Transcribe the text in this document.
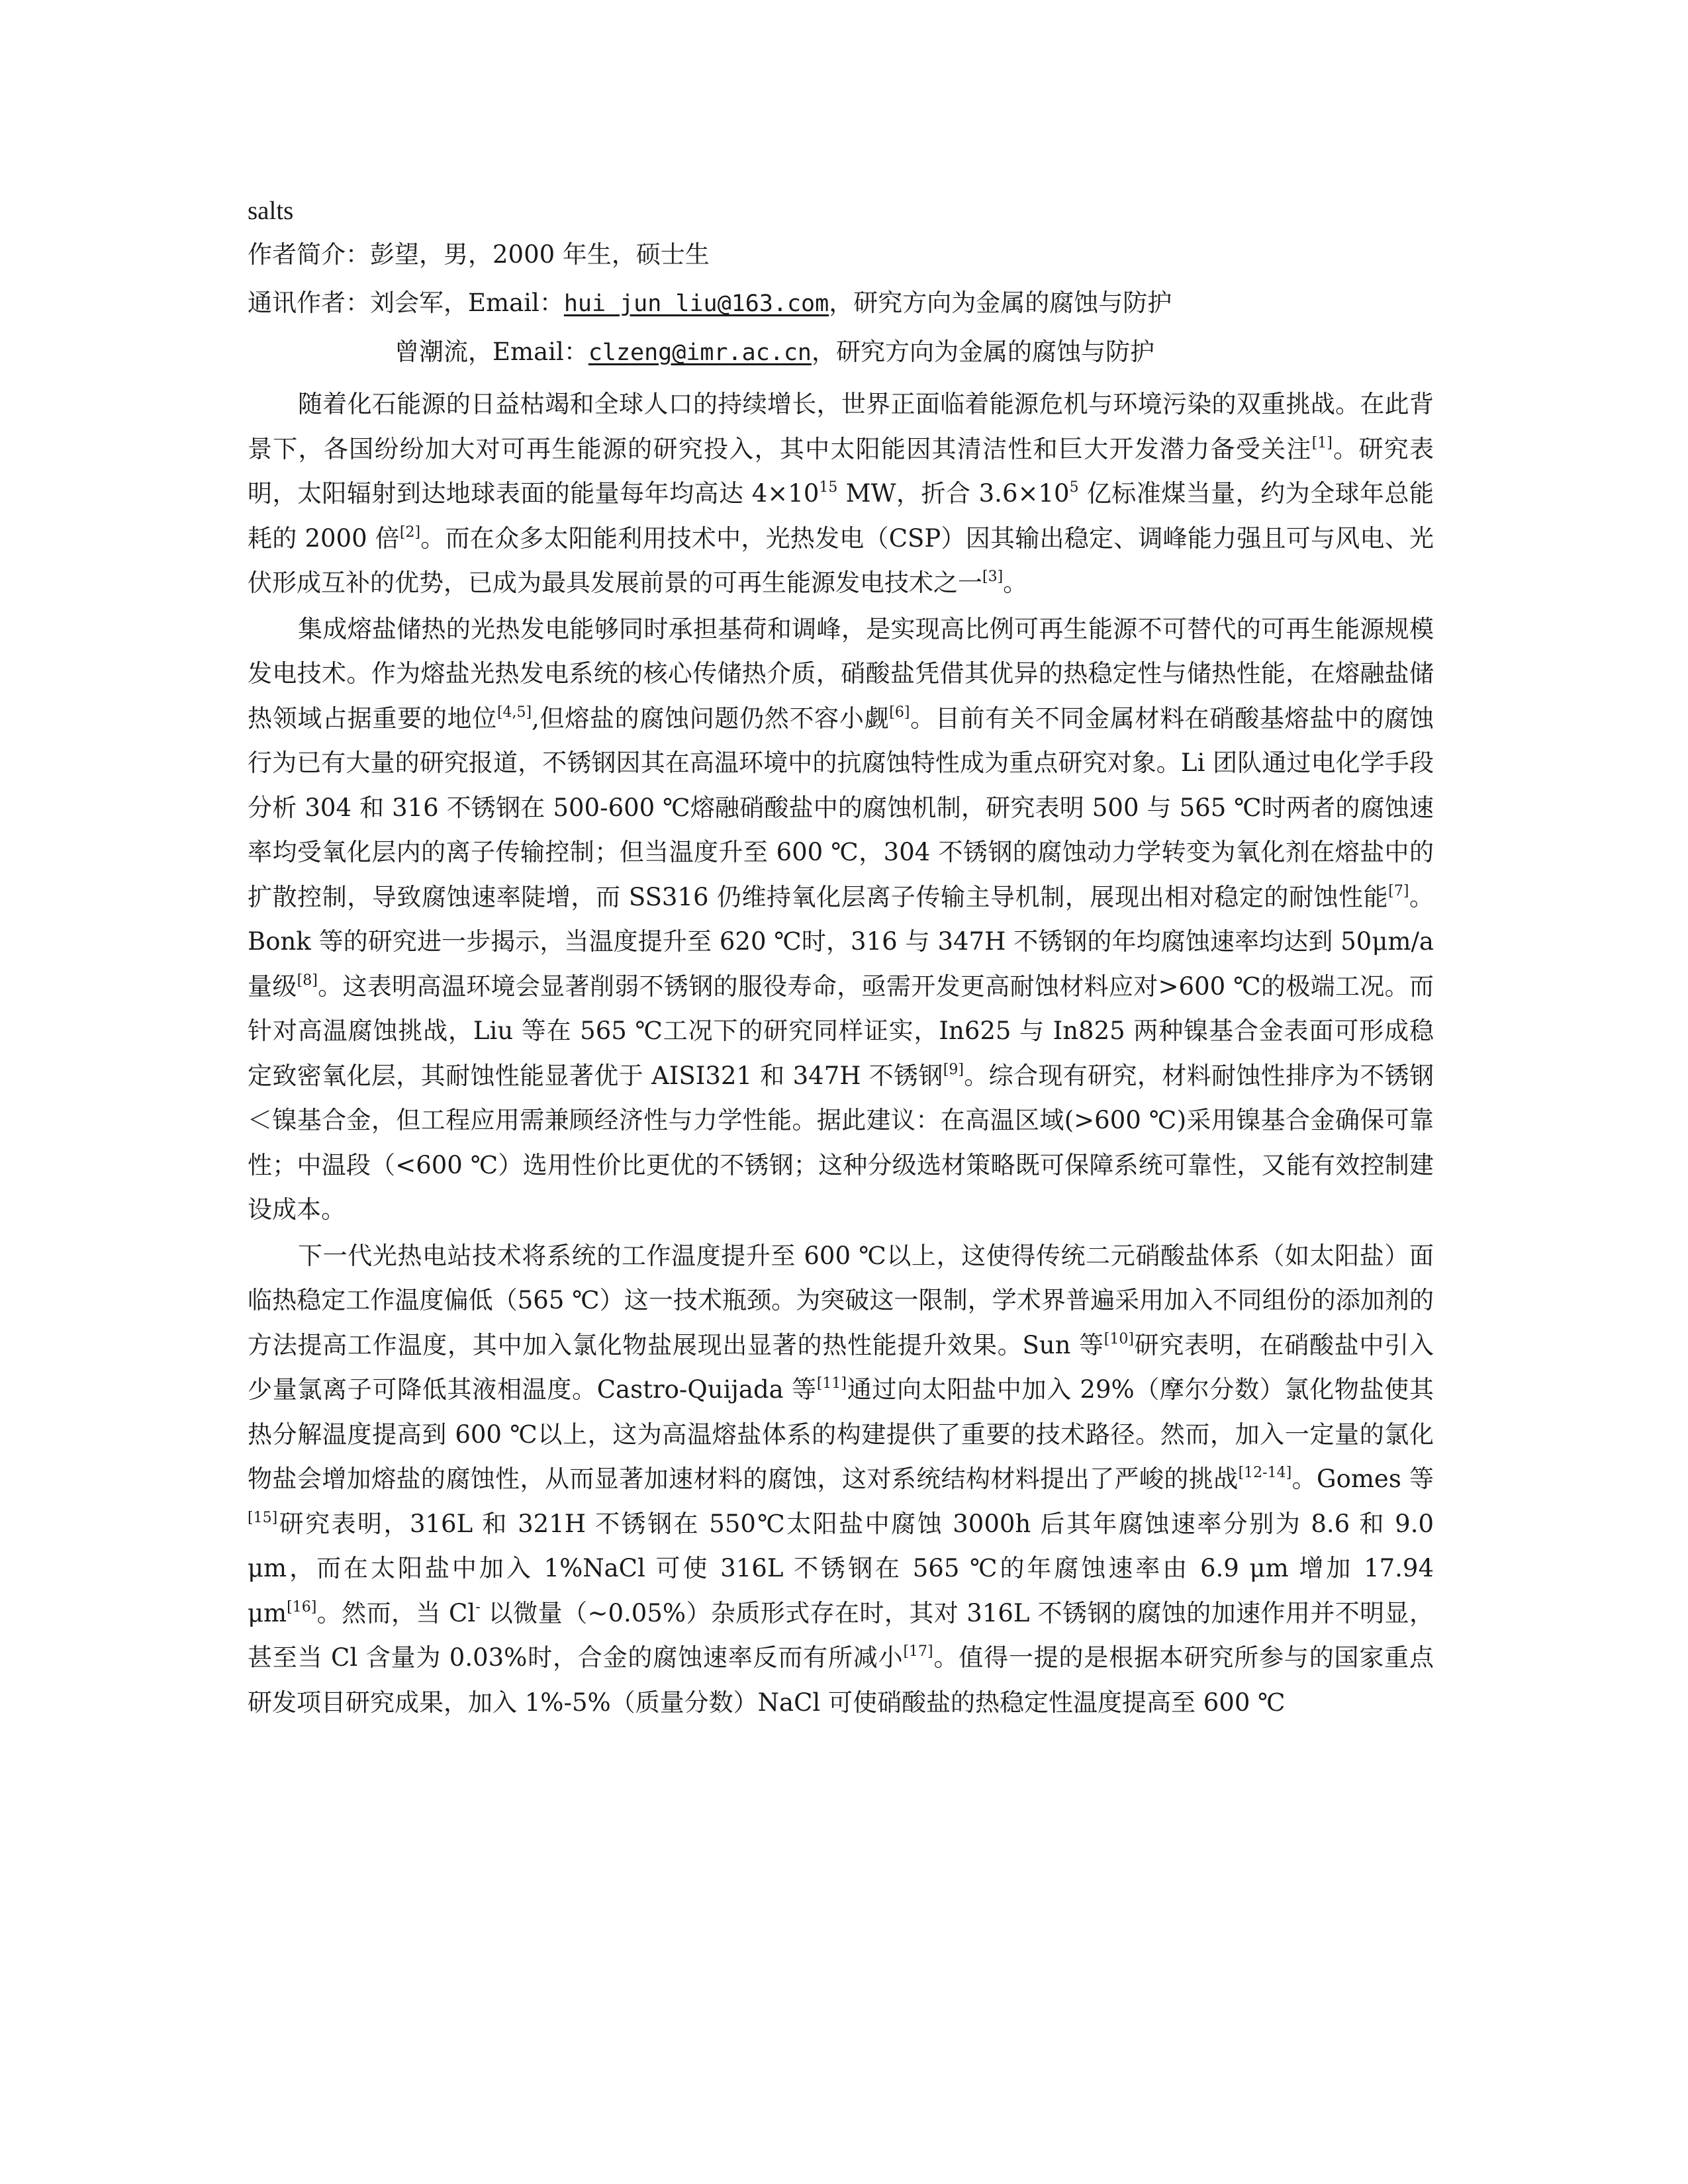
salts
作者简介：彭望，男，2000 年生，硕士生
通讯作者：刘会军，Email：hui_jun_liu@163.com，研究方向为金属的腐蚀与防护
曾潮流，Email：clzeng@imr.ac.cn，研究方向为金属的腐蚀与防护

随着化石能源的日益枯竭和全球人口的持续增长，世界正面临着能源危机与环境污染的双重挑战。在此背景下，各国纷纷加大对可再生能源的研究投入，其中太阳能因其清洁性和巨大开发潜力备受关注[1]。研究表明，太阳辐射到达地球表面的能量每年均高达 $4\times 10^{15}$ MW，折合 $3.6\times 10^5$ 亿标准煤当量，约为全球年总能耗的 2000 倍[2]。而在众多太阳能利用技术中，光热发电（CSP）因其输出稳定、调峰能力强且可与风电、光伏形成互补的优势，已成为最具发展前景的可再生能源发电技术之一[3]。

集成熔盐储热的光热发电能够同时承担基荷和调峰，是实现高比例可再生能源不可替代的可再生能源规模发电技术。作为熔盐光热发电系统的核心传储热介质，硝酸盐凭借其优异的热稳定性与储热性能，在熔融盐储热领域占据重要的地位[4,5],但熔盐的腐蚀问题仍然不容小觑[6]。目前有关不同金属材料在硝酸基熔盐中的腐蚀行为已有大量的研究报道，不锈钢因其在高温环境中的抗腐蚀特性成为重点研究对象。Li 团队通过电化学手段分析 304 和 316 不锈钢在 500-600 ℃熔融硝酸盐中的腐蚀机制，研究表明 500 与 565 ℃时两者的腐蚀速率均受氧化层内的离子传输控制；但当温度升至 600 ℃，304 不锈钢的腐蚀动力学转变为氧化剂在熔盐中的扩散控制，导致腐蚀速率陡增，而 SS316 仍维持氧化层离子传输主导机制，展现出相对稳定的耐蚀性能[7]。Bonk 等的研究进一步揭示，当温度提升至 620 ℃时，316 与 347H 不锈钢的年均腐蚀速率均达到 50μm/a 量级[8]。这表明高温环境会显著削弱不锈钢的服役寿命，亟需开发更高耐蚀材料应对>600 ℃的极端工况。而针对高温腐蚀挑战，Liu 等在 565 ℃工况下的研究同样证实，In625 与 In825 两种镍基合金表面可形成稳定致密氧化层，其耐蚀性能显著优于 AISI321 和 347H 不锈钢[9]。综合现有研究，材料耐蚀性排序为不锈钢＜镍基合金，但工程应用需兼顾经济性与力学性能。据此建议：在高温区域(>600 ℃)采用镍基合金确保可靠性；中温段（<600 ℃）选用性价比更优的不锈钢；这种分级选材策略既可保障系统可靠性，又能有效控制建设成本。

下一代光热电站技术将系统的工作温度提升至 600 ℃以上，这使得传统二元硝酸盐体系（如太阳盐）面临热稳定工作温度偏低（565 ℃）这一技术瓶颈。为突破这一限制，学术界普遍采用加入不同组份的添加剂的方法提高工作温度，其中加入氯化物盐展现出显著的热性能提升效果。Sun 等[10]研究表明，在硝酸盐中引入少量氯离子可降低其液相温度。Castro-Quijada 等[11]通过向太阳盐中加入 29%（摩尔分数）氯化物盐使其热分解温度提高到 600 ℃以上，这为高温熔盐体系的构建提供了重要的技术路径。然而，加入一定量的氯化物盐会增加熔盐的腐蚀性，从而显著加速材料的腐蚀，这对系统结构材料提出了严峻的挑战[12-14]。Gomes 等[15]研究表明，316L 和 321H 不锈钢在 550℃太阳盐中腐蚀 3000h 后其年腐蚀速率分别为 8.6 和 9.0 μm，而在太阳盐中加入 1%NaCl 可使 316L 不锈钢在 565 ℃的年腐蚀速率由 6.9 μm 增加 17.94 μm[16]。然而，当 Cl- 以微量（~0.05%）杂质形式存在时，其对 316L 不锈钢的腐蚀的加速作用并不明显，甚至当 Cl 含量为 0.03%时，合金的腐蚀速率反而有所减小[17]。值得一提的是根据本研究所参与的国家重点研发项目研究成果，加入 1%-5%（质量分数）NaCl 可使硝酸盐的热稳定性温度提高至 600 ℃
